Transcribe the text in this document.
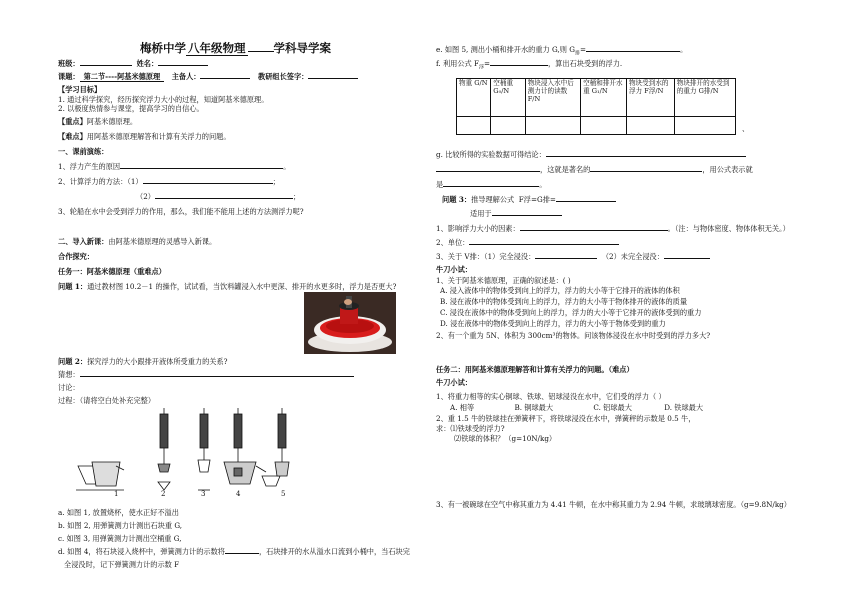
梅桥中学 八年级物理 学科导学案
班级：	姓名：
课题： 第二节----阿基米德原理 主备人：	教研组长签字：
【学习目标】
1. 通过科学探究，经历探究浮力大小的过程，知道阿基米德原理。
2. 以极度热情参与课堂，提高学习的自信心。
【重点】阿基米德原理。
【难点】用阿基米德原理解答和计算有关浮力的问题。
一、课前演练：
1、浮力产生的原因	。
2、计算浮力的方法：（1）	；
（2）	；
3、轮船在水中会受到浮力的作用，那么，我们能不能用上述的方法测浮力呢?
二、导入新课：由阿基米德原理的灵感导入新课。
合作探究：
任务一：阿基米德原理（重难点）
问题 1：通过教材图 10.2－1 的操作，试试看，当饮料罐浸入水中更深、排开的水更多时，浮力是否更大?
问题 2：探究浮力的大小跟排开液体所受重力的关系?
猜想：
讨论：
过程：（请将空白处补充完整）
1	2	3	4	5
a. 如图 1, 放置烧杯，使水正好不溢出
b. 如图 2, 用弹簧测力计测出石块重 G,
c. 如图 3, 用弹簧测力计测出空桶重 G,
d. 如图 4，将石块浸入烧杯中，弹簧测力计的示数将	，石块排开的水从溢水口流到小桶中，当石块完
全浸没时，记下弹簧测力计的示数 F
e. 如图 5, 测出小桶和排开水的重力 G,则 $G_排=$	。
f. 利用公式 $F_浮=$	，算出石块受到的浮力.
物重 G/N	空桶重 G₀/N	物块浸入水中后测力计的读数 F/N	空桶和排开水重 G₁/N	物块受到水的浮力 F浮/N	物块排开的水受到的重力 G排/N

、
g. 比较所得的实验数据可得结论：
，这就是著名的	，用公式表示就
是	。
问题 3：推导理解公式 F浮=G排=
适用于
1、影响浮力大小的因素：	。（注：与物体密度、物体体积无关。）
2、单位：
3、关于 V排：（1）完全浸没：	（2）未完全浸没：
牛刀小试：
1、关于阿基米德原理，正确的叙述是：( )
A. 浸入液体中的物体受到向上的浮力，浮力的大小等于它排开的液体的体积
B. 浸在液体中的物体受到向上的浮力，浮力的大小等于物体排开的液体的质量
C. 浸没在液体中的物体受到向上的浮力，浮力的大小等于它排开的液体受到的重力
D. 浸在液体中的物体受到向上的浮力，浮力的大小等于物体受到的重力
2、有一个重为 5N、体积为 300cm³的物体。问该物体浸没在水中时受到的浮力多大?
任务二：用阿基米德原理解答和计算有关浮力的问题。（难点）
牛刀小试：
1、将重力相等的实心铜球、铁球、铝球浸没在水中，它们受的浮力（ ）
A. 相等	B. 铜球最大	C. 铝球最大	D. 铁球最大
2、重 1.5 牛的铁球挂在弹簧秤下，将铁球浸没在水中，弹簧秤的示数是 0.5 牛，
求：⑴铁球受的浮力?
⑵铁球的体积？（g=10N/kg）
3、有一被碗球在空气中称其重力为 4.41 牛顿，在水中称其重力为 2.94 牛顿，求玻璃球密度。（g=9.8N/kg）
